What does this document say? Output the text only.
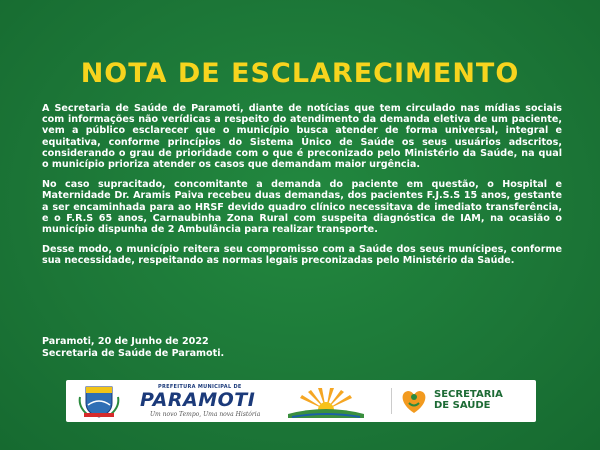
NOTA DE ESCLARECIMENTO

A Secretaria de Saúde de Paramoti, diante de notícias que tem circulado nas mídias sociais com informações não verídicas a respeito do atendimento da demanda eletiva de um paciente, vem a público esclarecer que o município busca atender de forma universal, integral e equitativa, conforme princípios do Sistema Único de Saúde os seus usuários adscritos, considerando o grau de prioridade com o que é preconizado pelo Ministério da Saúde, na qual o município prioriza atender os casos que demandam maior urgência.

No caso supracitado, concomitante a demanda do paciente em questão, o Hospital e Maternidade Dr. Aramis Paiva recebeu duas demandas, dos pacientes F.J.S.S 15 anos, gestante a ser encaminhada para ao HRSF devido quadro clínico necessitava de imediato transferência, e o F.R.S 65 anos, Carnaubinha Zona Rural com suspeita diagnóstica de IAM, na ocasião o município dispunha de 2 Ambulância para realizar transporte.

Desse modo, o município reitera seu compromisso com a Saúde dos seus munícipes, conforme sua necessidade, respeitando as normas legais preconizadas pelo Ministério da Saúde.

Paramoti, 20 de Junho de 2022
Secretaria de Saúde de Paramoti.
PREFEITURA MUNICIPAL DE
PARAMOTI
Um novo Tempo, Uma nova História
SECRETARIA
DE SAÚDE
